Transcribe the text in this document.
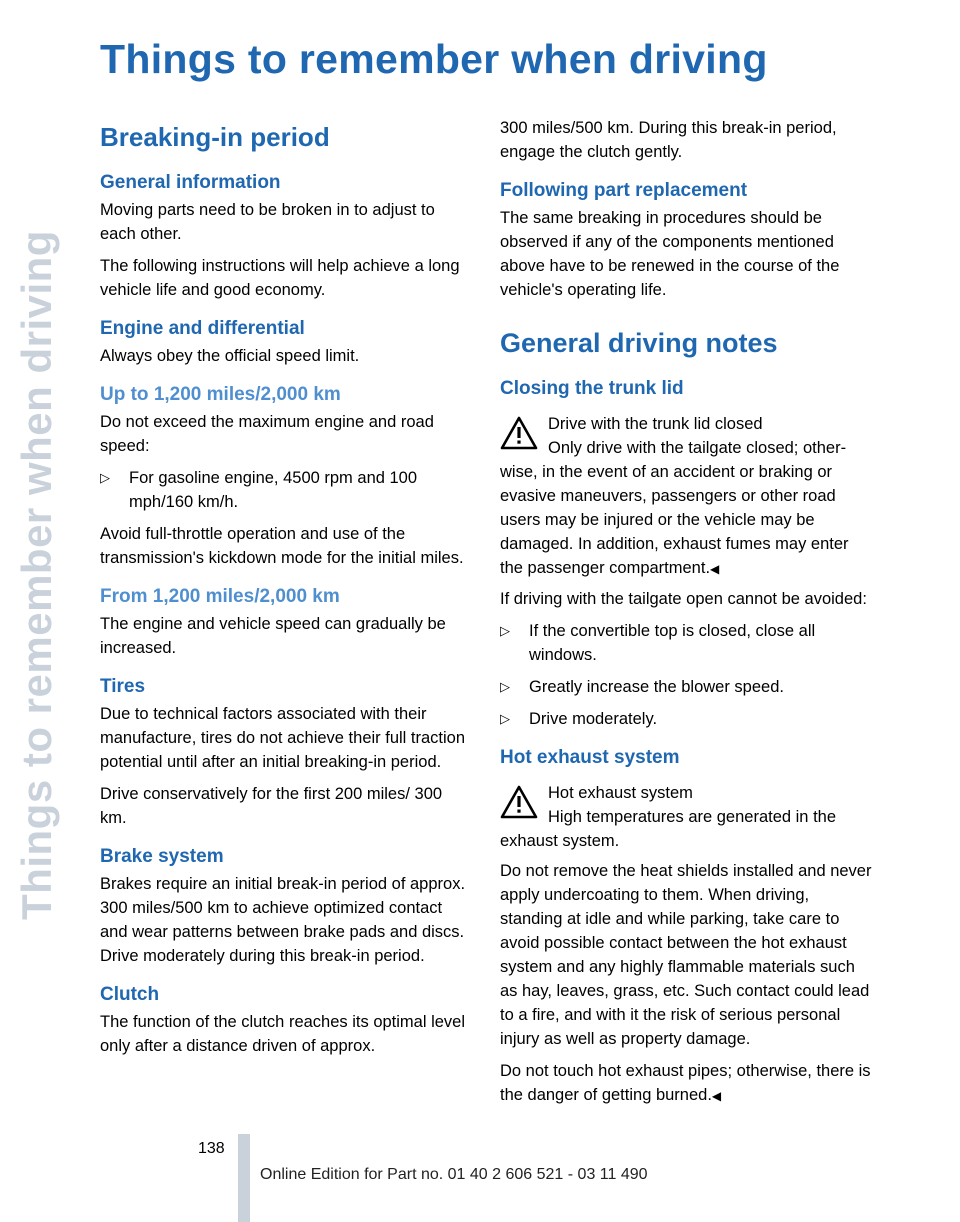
Things to remember when driving
Things to remember when driving
Breaking-in period
General information

Moving parts need to be broken in to adjust to each other.

The following instructions will help achieve a long vehicle life and good economy.

Engine and differential

Always obey the official speed limit.

Up to 1,200 miles/2,000 km

Do not exceed the maximum engine and road speed:

▷ For gasoline engine, 4500 rpm and 100 mph/160 km/h.

Avoid full-throttle operation and use of the transmission's kickdown mode for the initial miles.

From 1,200 miles/2,000 km

The engine and vehicle speed can gradually be increased.

Tires

Due to technical factors associated with their manufacture, tires do not achieve their full traction potential until after an initial breaking-in period.

Drive conservatively for the first 200 miles/ 300 km.

Brake system

Brakes require an initial break-in period of approx. 300 miles/500 km to achieve optimized contact and wear patterns between brake pads and discs. Drive moderately during this break-in period.

Clutch

The function of the clutch reaches its optimal level only after a distance driven of approx.

300 miles/500 km. During this break-in period, engage the clutch gently.

Following part replacement

The same breaking in procedures should be observed if any of the components mentioned above have to be renewed in the course of the vehicle's operating life.

General driving notes
Closing the trunk lid
Drive with the trunk lid closed
Only drive with the tailgate closed; other-
wise, in the event of an accident or braking or evasive maneuvers, passengers or other road users may be injured or the vehicle may be damaged. In addition, exhaust fumes may enter the passenger compartment.◀

If driving with the tailgate open cannot be avoided:

▷ If the convertible top is closed, close all windows.
▷ Greatly increase the blower speed.
▷ Drive moderately.
Hot exhaust system
Hot exhaust system
High temperatures are generated in the
exhaust system.

Do not remove the heat shields installed and never apply undercoating to them. When driving, standing at idle and while parking, take care to avoid possible contact between the hot exhaust system and any highly flammable materials such as hay, leaves, grass, etc. Such contact could lead to a fire, and with it the risk of serious personal injury as well as property damage.

Do not touch hot exhaust pipes; otherwise, there is the danger of getting burned.◀

138
Online Edition for Part no. 01 40 2 606 521 - 03 11 490
